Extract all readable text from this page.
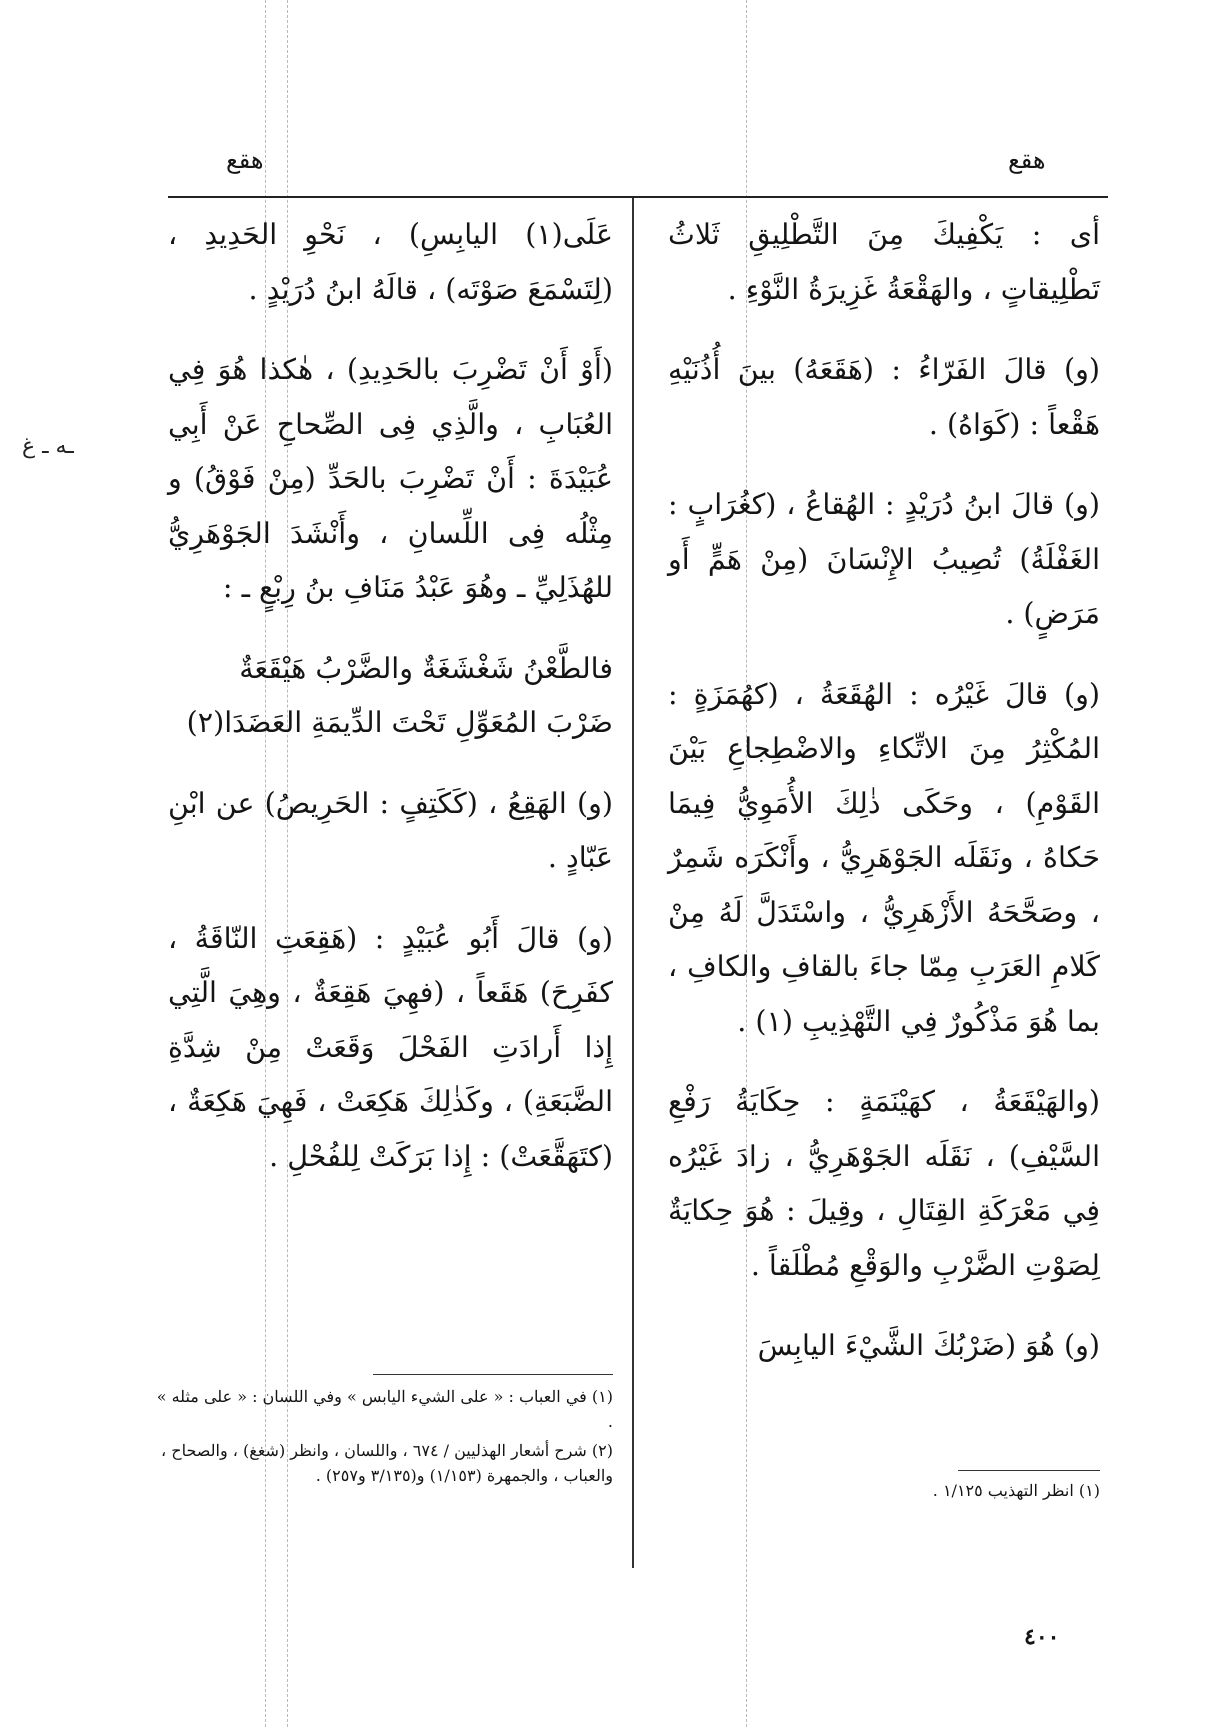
ـه ـ غ
هقع	هقع

أى : يَكْفِيكَ مِنَ التَّطْلِيقِ ثَلاثُ تَطْلِيقاتٍ ، والهَقْعَةُ غَزِيرَةُ النَّوْءِ .

(و) قالَ الفَرّاءُ : (هَقَعَهُ) بينَ أُذُنَيْهِ هَقْعاً : (كَوَاهُ) .

(و) قالَ ابنُ دُرَيْدٍ : الهُقاعُ ، (كغُرَابٍ : الغَفْلَةُ) تُصِيبُ الإِنْسَانَ (مِنْ هَمٍّ أَو مَرَضٍ) .

(و) قالَ غَيْرُه : الهُقَعَةُ ، (كهُمَزَةٍ : المُكْثِرُ مِنَ الاتِّكاءِ والاضْطِجاعِ بَيْنَ القَوْمِ) ، وحَكَى ذٰلِكَ الأُمَوِيُّ فِيمَا حَكاهُ ، ونَقَلَه الجَوْهَرِيُّ ، وأَنْكَرَه شَمِرٌ ، وصَحَّحَهُ الأَزْهَرِيُّ ، واسْتَدَلَّ لَهُ مِنْ كَلامِ العَرَبِ مِمّا جاءَ بالقافِ والكافِ ، بما هُوَ مَذْكُورٌ فِي التَّهْذِيبِ (١) .

(والهَيْقَعَةُ ، كهَيْنَمَةٍ : حِكَايَةُ رَفْعِ السَّيْفِ) ، نَقَلَه الجَوْهَرِيُّ ، زادَ غَيْرُه فِي مَعْرَكَةِ القِتَالِ ، وقِيلَ : هُوَ حِكايَةٌ لِصَوْتِ الضَّرْبِ والوَقْعِ مُطْلَقاً .

(و) هُوَ (ضَرْبُكَ الشَّيْءَ اليابِسَ

(١) انظر التهذيب ١/١٢٥ .

عَلَى(١) اليابِسِ) ، نَحْوِ الحَدِيدِ ، (لِتَسْمَعَ صَوْتَه) ، قالَهُ ابنُ دُرَيْدٍ .

(أَوْ أَنْ تَضْرِبَ بالحَدِيدِ) ، هٰكذا هُوَ فِي العُبَابِ ، والَّذِي فِى الصِّحاحِ عَنْ أَبِي عُبَيْدَةَ : أَنْ تَضْرِبَ بالحَدِّ (مِنْ فَوْقُ) و مِثْلُه فِى اللِّسانِ ، وأَنْشَدَ الجَوْهَرِيُّ للهُذَلِيِّ ـ وهُوَ عَبْدُ مَنَافِ بنُ رِبْعٍ ـ :

فالطَّعْنُ شَغْشَغَةٌ والضَّرْبُ هَيْقَعَةٌ
ضَرْبَ المُعَوِّلِ تَحْتَ الدِّيمَةِ العَضَدَا(٢)

(و) الهَقِعُ ، (كَكَتِفٍ : الحَرِيصُ) عن ابْنِ عَبّادٍ .

(و) قالَ أَبُو عُبَيْدٍ : (هَقِعَتِ النّاقَةُ ، كفَرِحَ) هَقَعاً ، (فهِيَ هَقِعَةٌ ، وهِيَ الَّتِي إِذا أَرادَتِ الفَحْلَ وَقَعَتْ مِنْ شِدَّةِ الضَّبَعَةِ) ، وكَذٰلِكَ هَكِعَتْ ، فَهِيَ هَكِعَةٌ ، (كتَهَقَّعَتْ) : إِذا بَرَكَتْ لِلفُحْلِ .

(١) في العباب : « على الشيء اليابس » وفي اللسان : « على مثله » .

(٢) شرح أشعار الهذليين / ٦٧٤ ، واللسان ، وانظر (شغغ) ، والصحاح ، والعباب ، والجمهرة (١/١٥٣) و(٣/١٣٥ و٢٥٧) .

٤٠٠
